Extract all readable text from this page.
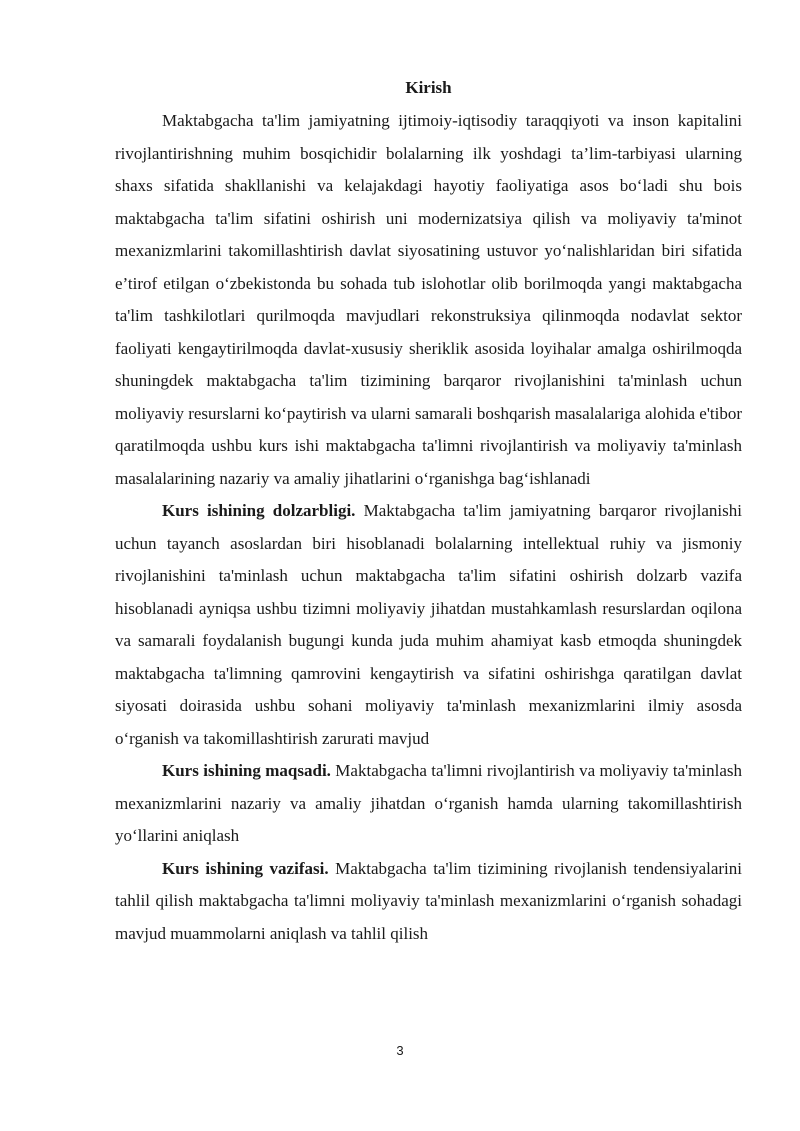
Kirish

Maktabgacha ta'lim jamiyatning ijtimoiy-iqtisodiy taraqqiyoti va inson kapitalini rivojlantirishning muhim bosqichidir bolalarning ilk yoshdagi ta’lim-tarbiyasi ularning shaxs sifatida shakllanishi va kelajakdagi hayotiy faoliyatiga asos bo‘ladi shu bois maktabgacha ta'lim sifatini oshirish uni modernizatsiya qilish va moliyaviy ta'minot mexanizmlarini takomillashtirish davlat siyosatining ustuvor yo‘nalishlaridan biri sifatida e’tirof etilgan o‘zbekistonda bu sohada tub islohotlar olib borilmoqda yangi maktabgacha ta'lim tashkilotlari qurilmoqda mavjudlari rekonstruksiya qilinmoqda nodavlat sektor faoliyati kengaytirilmoqda davlat-xususiy sheriklik asosida loyihalar amalga oshirilmoqda shuningdek maktabgacha ta'lim tizimining barqaror rivojlanishini ta'minlash uchun moliyaviy resurslarni ko‘paytirish va ularni samarali boshqarish masalalariga alohida e'tibor qaratilmoqda ushbu kurs ishi maktabgacha ta'limni rivojlantirish va moliyaviy ta'minlash masalalarining nazariy va amaliy jihatlarini o‘rganishga bag‘ishlanadi

Kurs ishining dolzarbligi. Maktabgacha ta'lim jamiyatning barqaror rivojlanishi uchun tayanch asoslardan biri hisoblanadi bolalarning intellektual ruhiy va jismoniy rivojlanishini ta'minlash uchun maktabgacha ta'lim sifatini oshirish dolzarb vazifa hisoblanadi ayniqsa ushbu tizimni moliyaviy jihatdan mustahkamlash resurslardan oqilona va samarali foydalanish bugungi kunda juda muhim ahamiyat kasb etmoqda shuningdek maktabgacha ta'limning qamrovini kengaytirish va sifatini oshirishga qaratilgan davlat siyosati doirasida ushbu sohani moliyaviy ta'minlash mexanizmlarini ilmiy asosda o‘rganish va takomillashtirish zarurati mavjud

Kurs ishining maqsadi. Maktabgacha ta'limni rivojlantirish va moliyaviy ta'minlash mexanizmlarini nazariy va amaliy jihatdan o‘rganish hamda ularning takomillashtirish yo‘llarini aniqlash

Kurs ishining vazifasi. Maktabgacha ta'lim tizimining rivojlanish tendensiyalarini tahlil qilish maktabgacha ta'limni moliyaviy ta'minlash mexanizmlarini o‘rganish sohadagi mavjud muammolarni aniqlash va tahlil qilish

3
